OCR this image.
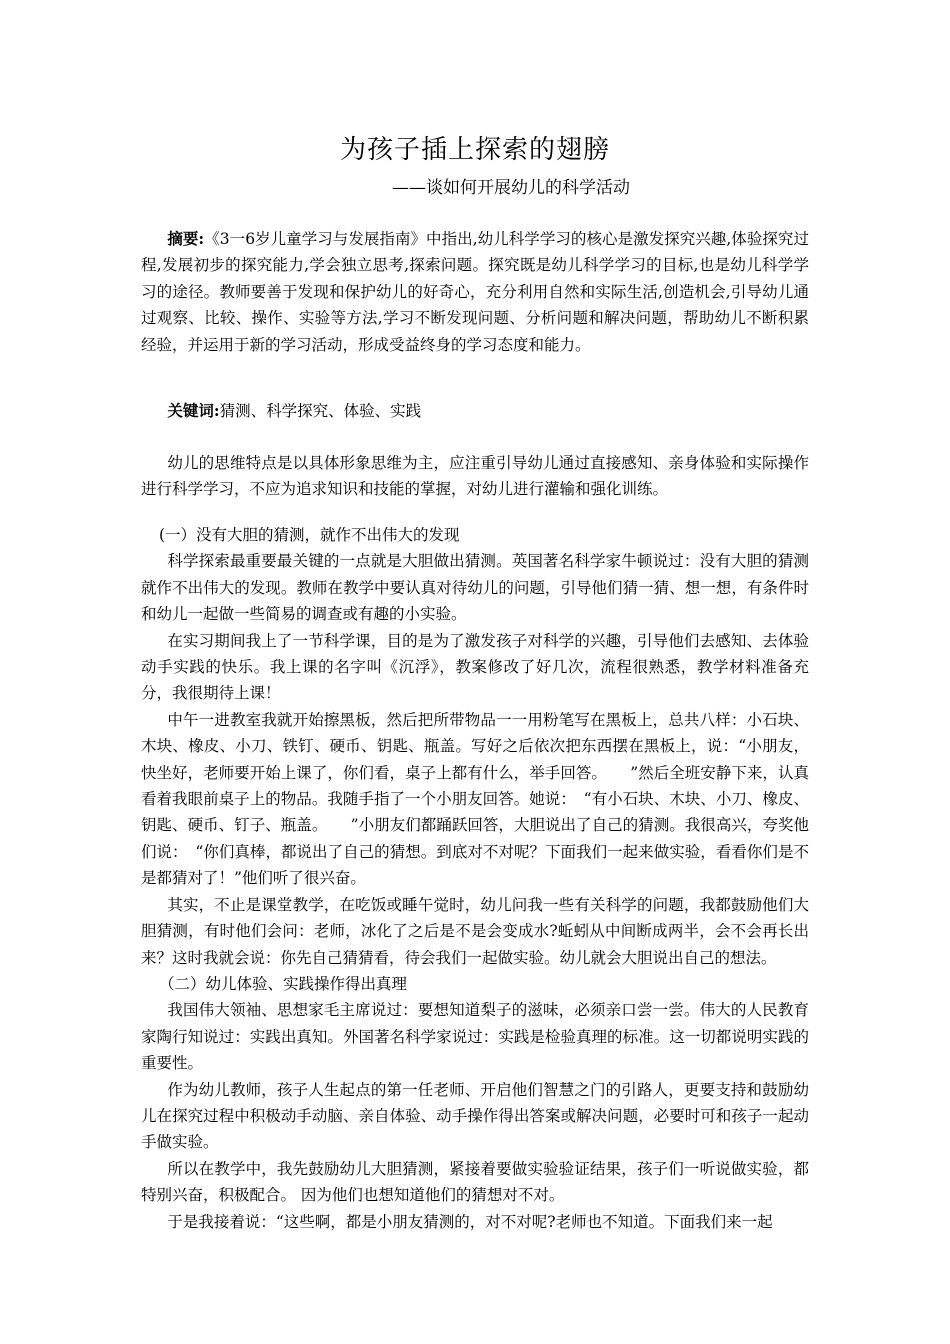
为孩子插上探索的翅膀
——谈如何开展幼儿的科学活动

摘要:《3一6岁儿童学习与发展指南》中指出,幼儿科学学习的核心是激发探究兴趣,体验探究过程,发展初步的探究能力,学会独立思考,探索问题。探究既是幼儿科学学习的目标,也是幼儿科学学习的途径。教师要善于发现和保护幼儿的好奇心，充分利用自然和实际生活,创造机会,引导幼儿通过观察、比较、操作、实验等方法,学习不断发现问题、分析问题和解决问题，帮助幼儿不断积累经验，并运用于新的学习活动，形成受益终身的学习态度和能力。

关键词:猜测、科学探究、体验、实践

幼儿的思维特点是以具体形象思维为主，应注重引导幼儿通过直接感知、亲身体验和实际操作进行科学学习，不应为追求知识和技能的掌握，对幼儿进行灌输和强化训练。

(一）没有大胆的猜测，就作不出伟大的发现

科学探索最重要最关键的一点就是大胆做出猜测。英国著名科学家牛顿说过：没有大胆的猜测就作不出伟大的发现。教师在教学中要认真对待幼儿的问题，引导他们猜一猜、想一想，有条件时和幼儿一起做一些简易的调查或有趣的小实验。

在实习期间我上了一节科学课，目的是为了激发孩子对科学的兴趣，引导他们去感知、去体验动手实践的快乐。我上课的名字叫《沉浮》，教案修改了好几次，流程很熟悉，教学材料准备充分，我很期待上课！

中午一进教室我就开始擦黑板，然后把所带物品一一用粉笔写在黑板上，总共八样：小石块、木块、橡皮、小刀、铁钉、硬币、钥匙、瓶盖。写好之后依次把东西摆在黑板上，说：“小朋友，快坐好，老师要开始上课了，你们看，桌子上都有什么，举手回答。　　”然后全班安静下来，认真看着我眼前桌子上的物品。我随手指了一个小朋友回答。她说：　“有小石块、木块、小刀、橡皮、钥匙、硬币、钉子、瓶盖。　　”小朋友们都踊跃回答，大胆说出了自己的猜测。我很高兴，夸奖他们说：　“你们真棒，都说出了自己的猜想。到底对不对呢？下面我们一起来做实验，看看你们是不是都猜对了！”他们听了很兴奋。

其实，不止是课堂教学，在吃饭或睡午觉时，幼儿问我一些有关科学的问题，我都鼓励他们大胆猜测，有时他们会问：老师，冰化了之后是不是会变成水?蚯蚓从中间断成两半，会不会再长出来？这时我就会说：你先自己猜猜看，待会我们一起做实验。幼儿就会大胆说出自己的想法。

（二）幼儿体验、实践操作得出真理

我国伟大领袖、思想家毛主席说过：要想知道梨子的滋味，必须亲口尝一尝。伟大的人民教育家陶行知说过：实践出真知。外国著名科学家说过：实践是检验真理的标准。这一切都说明实践的重要性。

作为幼儿教师，孩子人生起点的第一任老师、开启他们智慧之门的引路人，更要支持和鼓励幼儿在探究过程中积极动手动脑、亲自体验、动手操作得出答案或解决问题，必要时可和孩子一起动手做实验。

所以在教学中，我先鼓励幼儿大胆猜测，紧接着要做实验验证结果，孩子们一听说做实验，都特别兴奋，积极配合。 因为他们也想知道他们的猜想对不对。

于是我接着说：“这些啊，都是小朋友猜测的，对不对呢?老师也不知道。下面我们来一起
